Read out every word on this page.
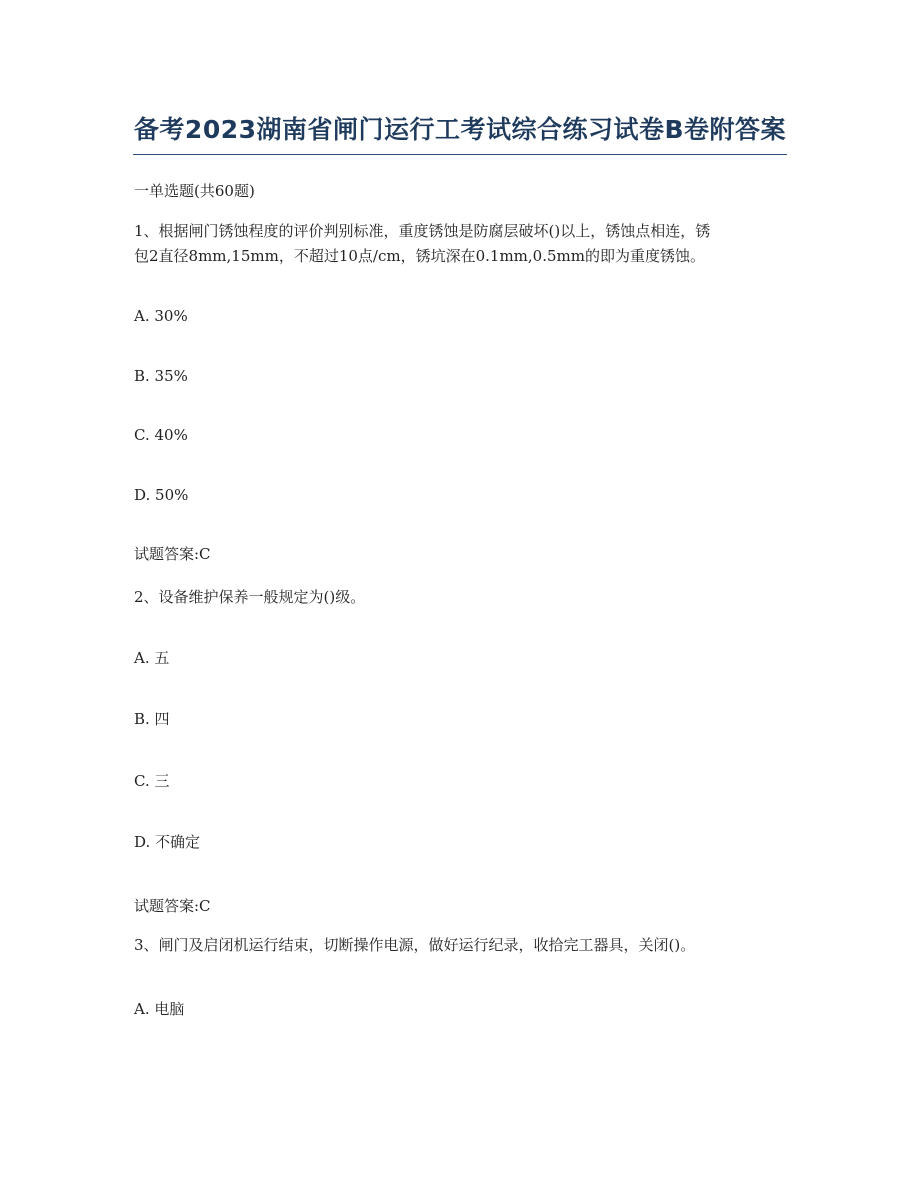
备考2023湖南省闸门运行工考试综合练习试卷B卷附答案
一单选题(共60题)
1、根据闸门锈蚀程度的评价判别标准，重度锈蚀是防腐层破坏()以上，锈蚀点相连，锈
包2直径8mm,15mm，不超过10点/cm，锈坑深在0.1mm,0.5mm的即为重度锈蚀。
A. 30%
B. 35%
C. 40%
D. 50%
试题答案:C
2、设备维护保养一般规定为()级。
A. 五
B. 四
C. 三
D. 不确定
试题答案:C
3、闸门及启闭机运行结束，切断操作电源，做好运行纪录，收拾完工器具，关闭()。
A. 电脑
